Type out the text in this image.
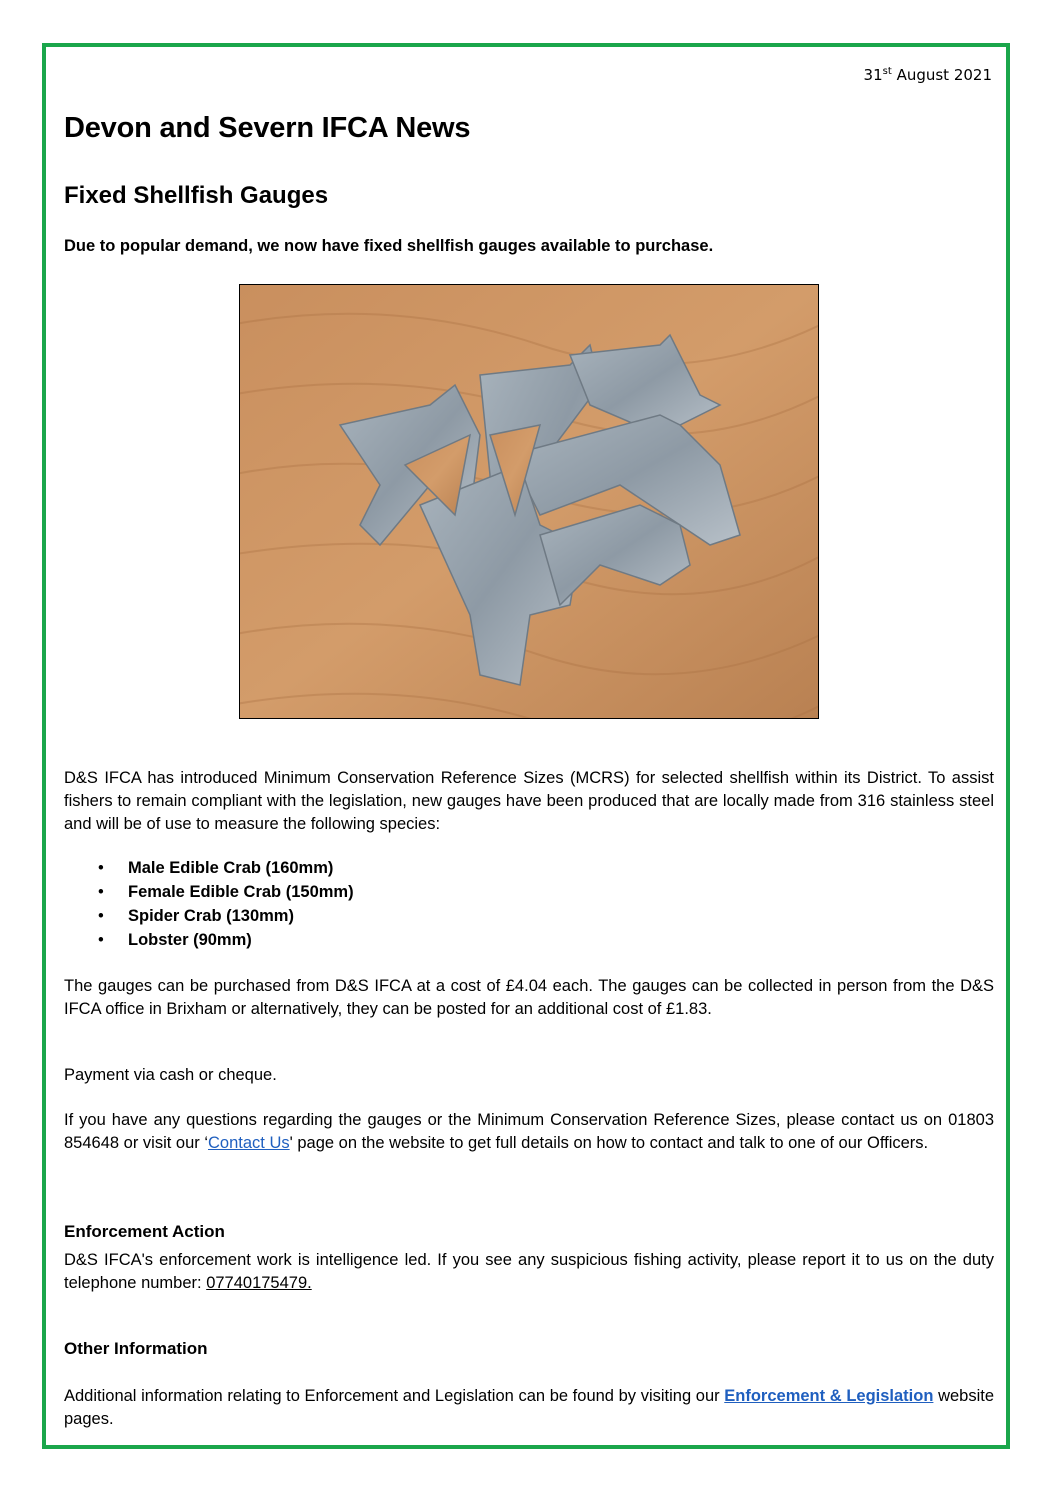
31st August 2021
Devon and Severn IFCA News
Fixed Shellfish Gauges

Due to popular demand, we now have fixed shellfish gauges available to purchase.

D&S IFCA has introduced Minimum Conservation Reference Sizes (MCRS) for selected shellfish within its District. To assist fishers to remain compliant with the legislation, new gauges have been produced that are locally made from 316 stainless steel and will be of use to measure the following species:

• Male Edible Crab (160mm)
• Female Edible Crab (150mm)
• Spider Crab (130mm)
• Lobster (90mm)

The gauges can be purchased from D&S IFCA at a cost of £4.04 each. The gauges can be collected in person from the D&S IFCA office in Brixham or alternatively, they can be posted for an additional cost of £1.83.

Payment via cash or cheque.

If you have any questions regarding the gauges or the Minimum Conservation Reference Sizes, please contact us on 01803 854648 or visit our ‘Contact Us' page on the website to get full details on how to contact and talk to one of our Officers.

Enforcement Action

D&S IFCA's enforcement work is intelligence led. If you see any suspicious fishing activity, please report it to us on the duty telephone number: 07740175479.

Other Information

Additional information relating to Enforcement and Legislation can be found by visiting our Enforcement & Legislation website pages.
